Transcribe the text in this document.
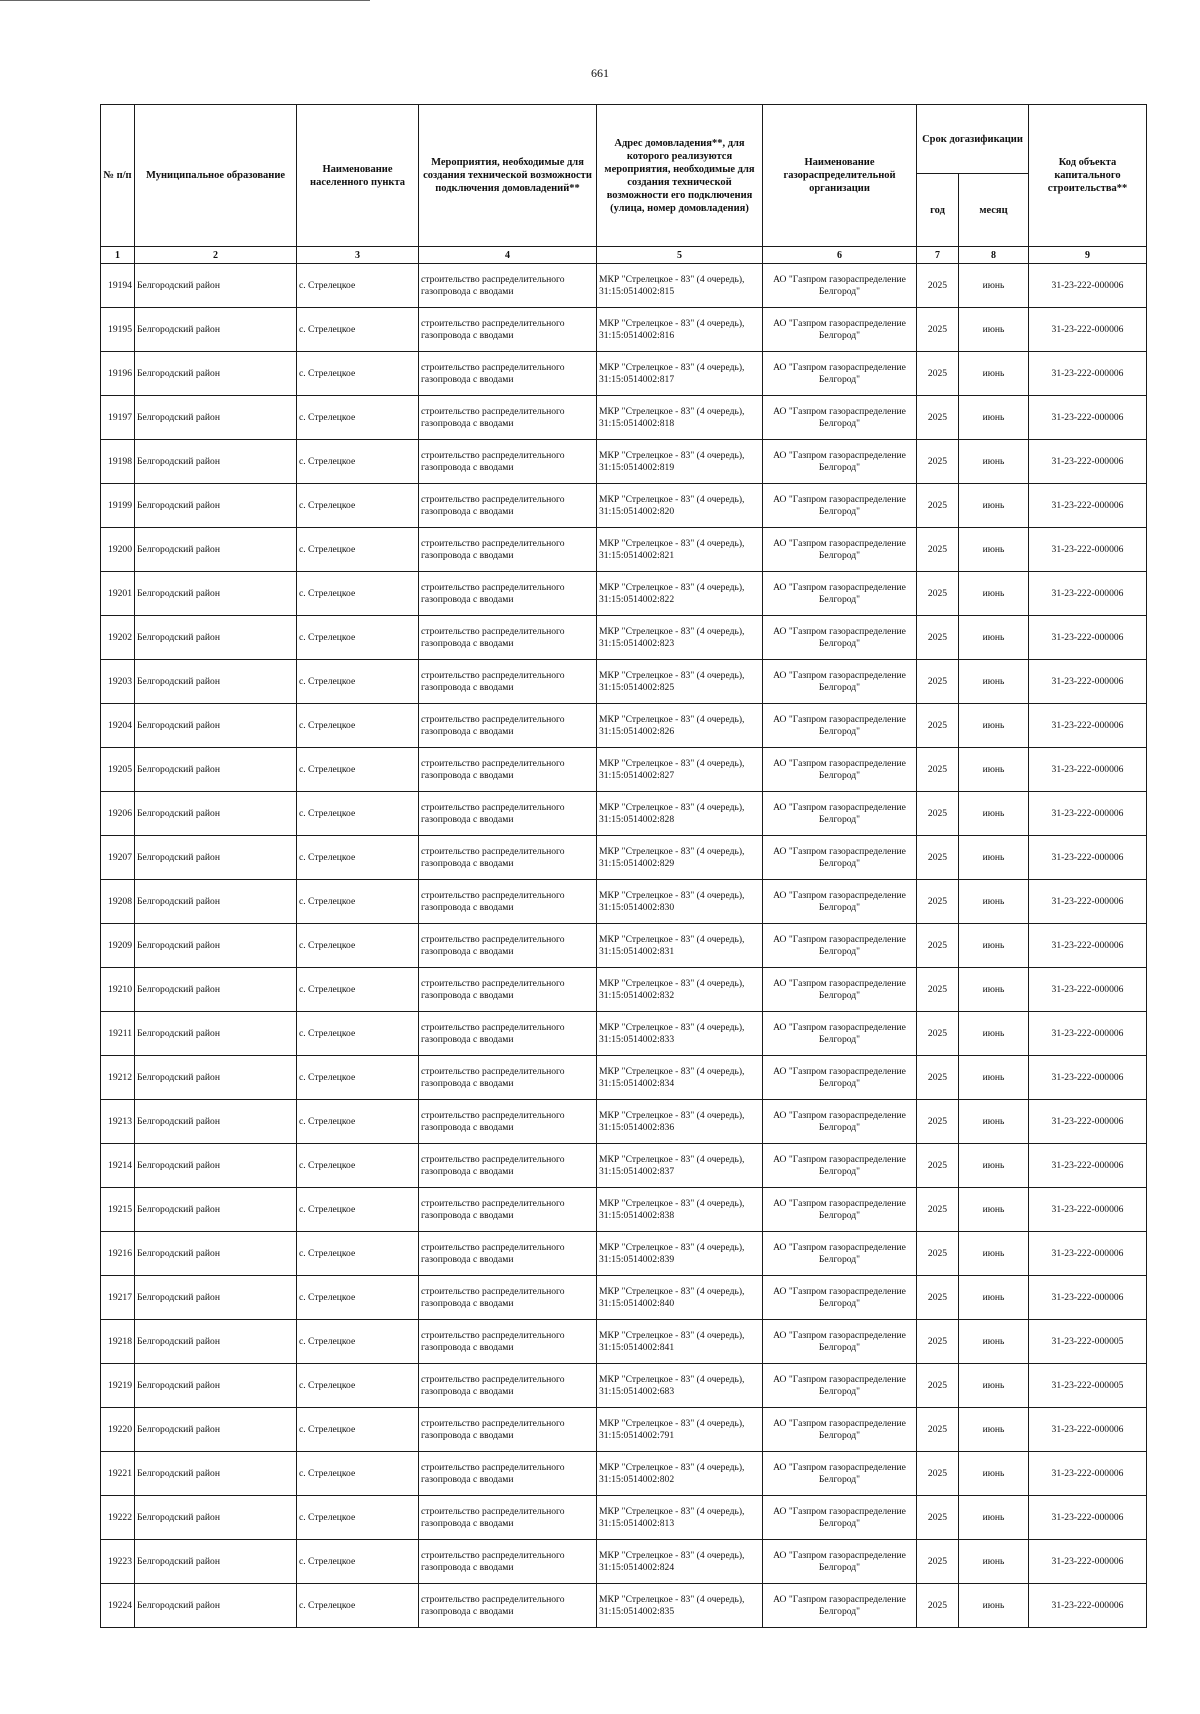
661
№ п/п	Муниципальное образование	Наименование населенного пункта	Мероприятия, необходимые для создания технической возможности подключения домовладений**	Адрес домовладения**, для которого реализуются мероприятия, необходимые для создания технической возможности его подключения (улица, номер домовладения)	Наименование газораспределительной организации	Срок догазификации		Код объекта капитального строительства**
						год	месяц	
1	2	3	4	5	6	7	8	9
19194	Белгородский район	с. Стрелецкое	строительство распределительного газопровода с вводами	МКР "Стрелецкое - 83" (4 очередь), 31:15:0514002:815	АО "Газпром газораспределение Белгород"	2025	июнь	31-23-222-000006
19195	Белгородский район	с. Стрелецкое	строительство распределительного газопровода с вводами	МКР "Стрелецкое - 83" (4 очередь), 31:15:0514002:816	АО "Газпром газораспределение Белгород"	2025	июнь	31-23-222-000006
19196	Белгородский район	с. Стрелецкое	строительство распределительного газопровода с вводами	МКР "Стрелецкое - 83" (4 очередь), 31:15:0514002:817	АО "Газпром газораспределение Белгород"	2025	июнь	31-23-222-000006
19197	Белгородский район	с. Стрелецкое	строительство распределительного газопровода с вводами	МКР "Стрелецкое - 83" (4 очередь), 31:15:0514002:818	АО "Газпром газораспределение Белгород"	2025	июнь	31-23-222-000006
19198	Белгородский район	с. Стрелецкое	строительство распределительного газопровода с вводами	МКР "Стрелецкое - 83" (4 очередь), 31:15:0514002:819	АО "Газпром газораспределение Белгород"	2025	июнь	31-23-222-000006
19199	Белгородский район	с. Стрелецкое	строительство распределительного газопровода с вводами	МКР "Стрелецкое - 83" (4 очередь), 31:15:0514002:820	АО "Газпром газораспределение Белгород"	2025	июнь	31-23-222-000006
19200	Белгородский район	с. Стрелецкое	строительство распределительного газопровода с вводами	МКР "Стрелецкое - 83" (4 очередь), 31:15:0514002:821	АО "Газпром газораспределение Белгород"	2025	июнь	31-23-222-000006
19201	Белгородский район	с. Стрелецкое	строительство распределительного газопровода с вводами	МКР "Стрелецкое - 83" (4 очередь), 31:15:0514002:822	АО "Газпром газораспределение Белгород"	2025	июнь	31-23-222-000006
19202	Белгородский район	с. Стрелецкое	строительство распределительного газопровода с вводами	МКР "Стрелецкое - 83" (4 очередь), 31:15:0514002:823	АО "Газпром газораспределение Белгород"	2025	июнь	31-23-222-000006
19203	Белгородский район	с. Стрелецкое	строительство распределительного газопровода с вводами	МКР "Стрелецкое - 83" (4 очередь), 31:15:0514002:825	АО "Газпром газораспределение Белгород"	2025	июнь	31-23-222-000006
19204	Белгородский район	с. Стрелецкое	строительство распределительного газопровода с вводами	МКР "Стрелецкое - 83" (4 очередь), 31:15:0514002:826	АО "Газпром газораспределение Белгород"	2025	июнь	31-23-222-000006
19205	Белгородский район	с. Стрелецкое	строительство распределительного газопровода с вводами	МКР "Стрелецкое - 83" (4 очередь), 31:15:0514002:827	АО "Газпром газораспределение Белгород"	2025	июнь	31-23-222-000006
19206	Белгородский район	с. Стрелецкое	строительство распределительного газопровода с вводами	МКР "Стрелецкое - 83" (4 очередь), 31:15:0514002:828	АО "Газпром газораспределение Белгород"	2025	июнь	31-23-222-000006
19207	Белгородский район	с. Стрелецкое	строительство распределительного газопровода с вводами	МКР "Стрелецкое - 83" (4 очередь), 31:15:0514002:829	АО "Газпром газораспределение Белгород"	2025	июнь	31-23-222-000006
19208	Белгородский район	с. Стрелецкое	строительство распределительного газопровода с вводами	МКР "Стрелецкое - 83" (4 очередь), 31:15:0514002:830	АО "Газпром газораспределение Белгород"	2025	июнь	31-23-222-000006
19209	Белгородский район	с. Стрелецкое	строительство распределительного газопровода с вводами	МКР "Стрелецкое - 83" (4 очередь), 31:15:0514002:831	АО "Газпром газораспределение Белгород"	2025	июнь	31-23-222-000006
19210	Белгородский район	с. Стрелецкое	строительство распределительного газопровода с вводами	МКР "Стрелецкое - 83" (4 очередь), 31:15:0514002:832	АО "Газпром газораспределение Белгород"	2025	июнь	31-23-222-000006
19211	Белгородский район	с. Стрелецкое	строительство распределительного газопровода с вводами	МКР "Стрелецкое - 83" (4 очередь), 31:15:0514002:833	АО "Газпром газораспределение Белгород"	2025	июнь	31-23-222-000006
19212	Белгородский район	с. Стрелецкое	строительство распределительного газопровода с вводами	МКР "Стрелецкое - 83" (4 очередь), 31:15:0514002:834	АО "Газпром газораспределение Белгород"	2025	июнь	31-23-222-000006
19213	Белгородский район	с. Стрелецкое	строительство распределительного газопровода с вводами	МКР "Стрелецкое - 83" (4 очередь), 31:15:0514002:836	АО "Газпром газораспределение Белгород"	2025	июнь	31-23-222-000006
19214	Белгородский район	с. Стрелецкое	строительство распределительного газопровода с вводами	МКР "Стрелецкое - 83" (4 очередь), 31:15:0514002:837	АО "Газпром газораспределение Белгород"	2025	июнь	31-23-222-000006
19215	Белгородский район	с. Стрелецкое	строительство распределительного газопровода с вводами	МКР "Стрелецкое - 83" (4 очередь), 31:15:0514002:838	АО "Газпром газораспределение Белгород"	2025	июнь	31-23-222-000006
19216	Белгородский район	с. Стрелецкое	строительство распределительного газопровода с вводами	МКР "Стрелецкое - 83" (4 очередь), 31:15:0514002:839	АО "Газпром газораспределение Белгород"	2025	июнь	31-23-222-000006
19217	Белгородский район	с. Стрелецкое	строительство распределительного газопровода с вводами	МКР "Стрелецкое - 83" (4 очередь), 31:15:0514002:840	АО "Газпром газораспределение Белгород"	2025	июнь	31-23-222-000006
19218	Белгородский район	с. Стрелецкое	строительство распределительного газопровода с вводами	МКР "Стрелецкое - 83" (4 очередь), 31:15:0514002:841	АО "Газпром газораспределение Белгород"	2025	июнь	31-23-222-000005
19219	Белгородский район	с. Стрелецкое	строительство распределительного газопровода с вводами	МКР "Стрелецкое - 83" (4 очередь), 31:15:0514002:683	АО "Газпром газораспределение Белгород"	2025	июнь	31-23-222-000005
19220	Белгородский район	с. Стрелецкое	строительство распределительного газопровода с вводами	МКР "Стрелецкое - 83" (4 очередь), 31:15:0514002:791	АО "Газпром газораспределение Белгород"	2025	июнь	31-23-222-000006
19221	Белгородский район	с. Стрелецкое	строительство распределительного газопровода с вводами	МКР "Стрелецкое - 83" (4 очередь), 31:15:0514002:802	АО "Газпром газораспределение Белгород"	2025	июнь	31-23-222-000006
19222	Белгородский район	с. Стрелецкое	строительство распределительного газопровода с вводами	МКР "Стрелецкое - 83" (4 очередь), 31:15:0514002:813	АО "Газпром газораспределение Белгород"	2025	июнь	31-23-222-000006
19223	Белгородский район	с. Стрелецкое	строительство распределительного газопровода с вводами	МКР "Стрелецкое - 83" (4 очередь), 31:15:0514002:824	АО "Газпром газораспределение Белгород"	2025	июнь	31-23-222-000006
19224	Белгородский район	с. Стрелецкое	строительство распределительного газопровода с вводами	МКР "Стрелецкое - 83" (4 очередь), 31:15:0514002:835	АО "Газпром газораспределение Белгород"	2025	июнь	31-23-222-000006
